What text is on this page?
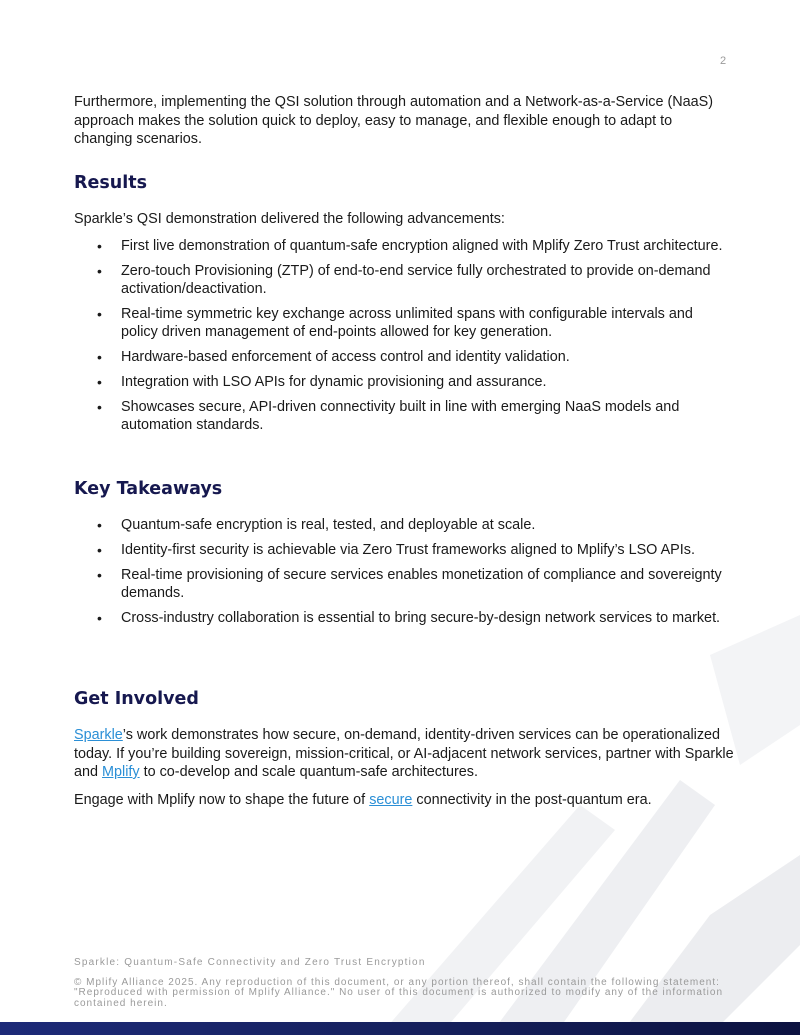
2

Furthermore, implementing the QSI solution through automation and a Network-as-a-Service (NaaS) approach makes the solution quick to deploy, easy to manage, and flexible enough to adapt to changing scenarios.

Results

Sparkle’s QSI demonstration delivered the following advancements:

• First live demonstration of quantum-safe encryption aligned with Mplify Zero Trust architecture.
• Zero-touch Provisioning (ZTP) of end-to-end service fully orchestrated to provide on-demand activation/deactivation.
• Real-time symmetric key exchange across unlimited spans with configurable intervals and policy driven management of end-points allowed for key generation.
• Hardware-based enforcement of access control and identity validation.
• Integration with LSO APIs for dynamic provisioning and assurance.
• Showcases secure, API-driven connectivity built in line with emerging NaaS models and automation standards.
Key Takeaways
• Quantum-safe encryption is real, tested, and deployable at scale.
• Identity-first security is achievable via Zero Trust frameworks aligned to Mplify’s LSO APIs.
• Real-time provisioning of secure services enables monetization of compliance and sovereignty demands.
• Cross-industry collaboration is essential to bring secure-by-design network services to market.
Get Involved

Sparkle’s work demonstrates how secure, on-demand, identity-driven services can be operationalized today. If you’re building sovereign, mission-critical, or AI-adjacent network services, partner with Sparkle and Mplify to co-develop and scale quantum-safe architectures.

Engage with Mplify now to shape the future of secure connectivity in the post-quantum era.

Sparkle: Quantum-Safe Connectivity and Zero Trust Encryption
© Mplify Alliance 2025. Any reproduction of this document, or any portion thereof, shall contain the following statement: "Reproduced with permission of Mplify Alliance." No user of this document is authorized to modify any of the information contained herein.
